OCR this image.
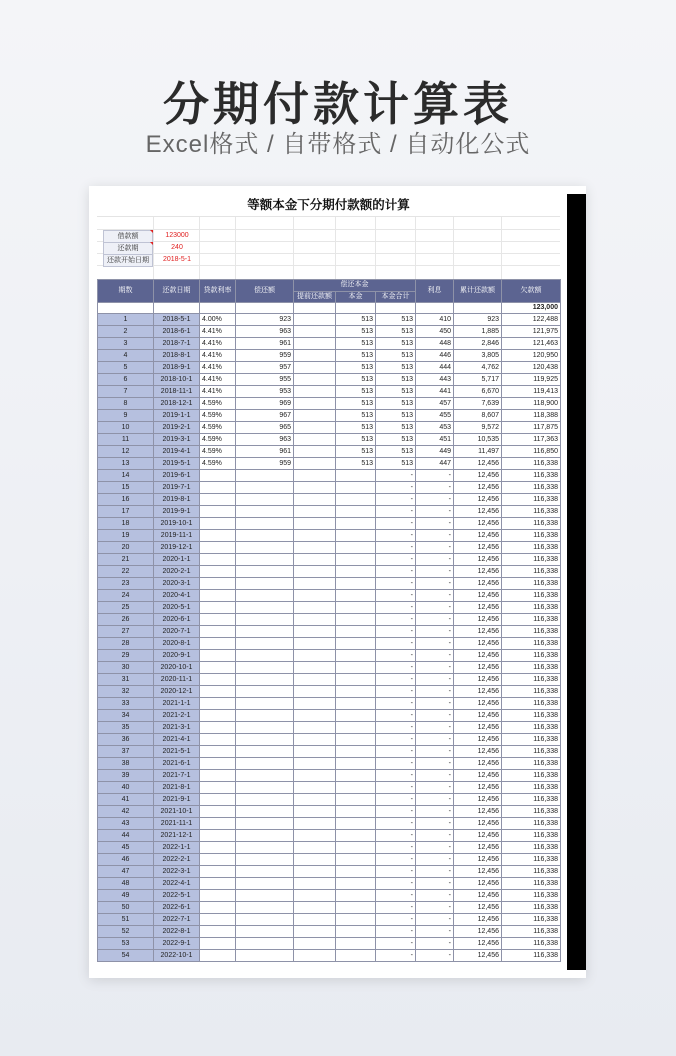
分期付款计算表
Excel格式 / 自带格式 / 自动化公式
等额本金下分期付款额的计算
借款额	123000
还款期	240
还款开始日期	2018-5-1
期数	还款日期	贷款利率	偿还额	偿还本金			利息	累计还款额	欠款额
				提前还款额	本金	本金合计			
									123,000
1	2018-5-1	4.00%	923		513	513	410	923	122,488
2	2018-6-1	4.41%	963		513	513	450	1,885	121,975
3	2018-7-1	4.41%	961		513	513	448	2,846	121,463
4	2018-8-1	4.41%	959		513	513	446	3,805	120,950
5	2018-9-1	4.41%	957		513	513	444	4,762	120,438
6	2018-10-1	4.41%	955		513	513	443	5,717	119,925
7	2018-11-1	4.41%	953		513	513	441	6,670	119,413
8	2018-12-1	4.59%	969		513	513	457	7,639	118,900
9	2019-1-1	4.59%	967		513	513	455	8,607	118,388
10	2019-2-1	4.59%	965		513	513	453	9,572	117,875
11	2019-3-1	4.59%	963		513	513	451	10,535	117,363
12	2019-4-1	4.59%	961		513	513	449	11,497	116,850
13	2019-5-1	4.59%	959		513	513	447	12,456	116,338
14	2019-6-1					-	-	12,456	116,338
15	2019-7-1					-	-	12,456	116,338
16	2019-8-1					-	-	12,456	116,338
17	2019-9-1					-	-	12,456	116,338
18	2019-10-1					-	-	12,456	116,338
19	2019-11-1					-	-	12,456	116,338
20	2019-12-1					-	-	12,456	116,338
21	2020-1-1					-	-	12,456	116,338
22	2020-2-1					-	-	12,456	116,338
23	2020-3-1					-	-	12,456	116,338
24	2020-4-1					-	-	12,456	116,338
25	2020-5-1					-	-	12,456	116,338
26	2020-6-1					-	-	12,456	116,338
27	2020-7-1					-	-	12,456	116,338
28	2020-8-1					-	-	12,456	116,338
29	2020-9-1					-	-	12,456	116,338
30	2020-10-1					-	-	12,456	116,338
31	2020-11-1					-	-	12,456	116,338
32	2020-12-1					-	-	12,456	116,338
33	2021-1-1					-	-	12,456	116,338
34	2021-2-1					-	-	12,456	116,338
35	2021-3-1					-	-	12,456	116,338
36	2021-4-1					-	-	12,456	116,338
37	2021-5-1					-	-	12,456	116,338
38	2021-6-1					-	-	12,456	116,338
39	2021-7-1					-	-	12,456	116,338
40	2021-8-1					-	-	12,456	116,338
41	2021-9-1					-	-	12,456	116,338
42	2021-10-1					-	-	12,456	116,338
43	2021-11-1					-	-	12,456	116,338
44	2021-12-1					-	-	12,456	116,338
45	2022-1-1					-	-	12,456	116,338
46	2022-2-1					-	-	12,456	116,338
47	2022-3-1					-	-	12,456	116,338
48	2022-4-1					-	-	12,456	116,338
49	2022-5-1					-	-	12,456	116,338
50	2022-6-1					-	-	12,456	116,338
51	2022-7-1					-	-	12,456	116,338
52	2022-8-1					-	-	12,456	116,338
53	2022-9-1					-	-	12,456	116,338
54	2022-10-1					-	-	12,456	116,338
